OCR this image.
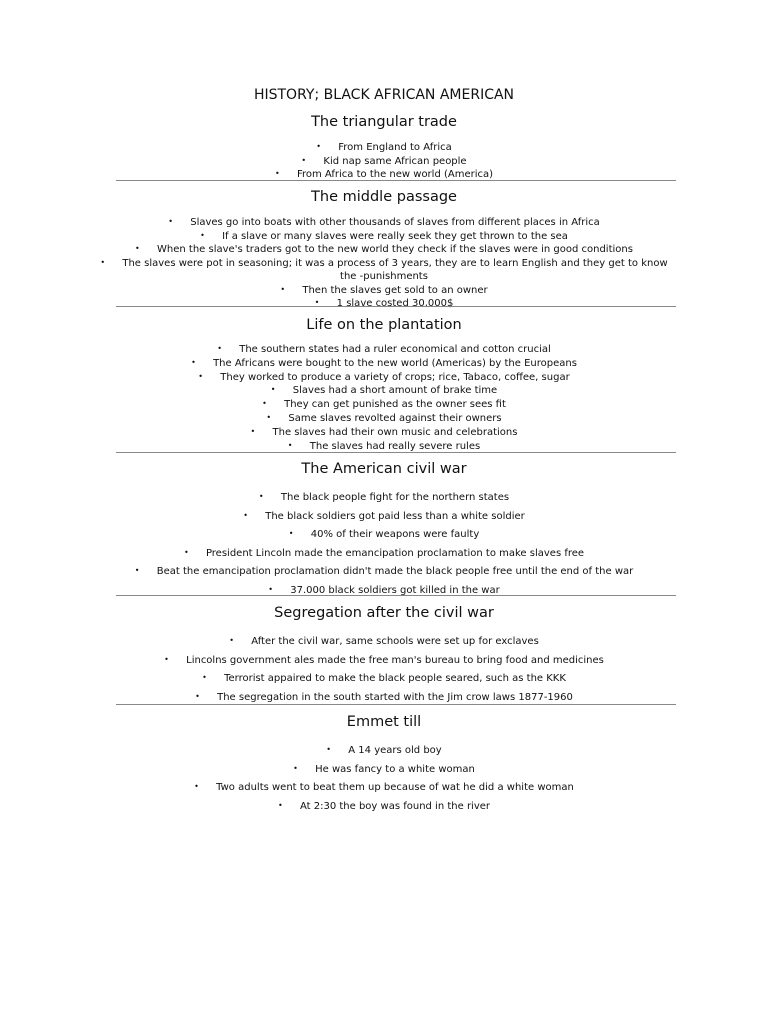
HISTORY; BLACK AFRICAN AMERICAN
The triangular trade
• From England to Africa
• Kid nap same African people
• From Africa to the new world (America)
The middle passage
• Slaves go into boats with other thousands of slaves from different places in Africa
• If a slave or many slaves were really seek they get thrown to the sea
• When the slave's traders got to the new world they check if the slaves were in good conditions
• The slaves were pot in seasoning; it was a process of 3 years, they are to learn English and they get to know the -punishments
• Then the slaves get sold to an owner
• 1 slave costed 30,000$
Life on the plantation
• The southern states had a ruler economical and cotton crucial
• The Africans were bought to the new world (Americas) by the Europeans
• They worked to produce a variety of crops; rice, Tabaco, coffee, sugar
• Slaves had a short amount of brake time
• They can get punished as the owner sees fit
• Same slaves revolted against their owners
• The slaves had their own music and celebrations
• The slaves had really severe rules
The American civil war
• The black people fight for the northern states
• The black soldiers got paid less than a white soldier
• 40% of their weapons were faulty
• President Lincoln made the emancipation proclamation to make slaves free
• Beat the emancipation proclamation didn't made the black people free until the end of the war
• 37.000 black soldiers got killed in the war
Segregation after the civil war
• After the civil war, same schools were set up for exclaves
• Lincolns government ales made the free man's bureau to bring food and medicines
• Terrorist appaired to make the black people seared, such as the KKK
• The segregation in the south started with the Jim crow laws 1877-1960
Emmet till
• A 14 years old boy
• He was fancy to a white woman
• Two adults went to beat them up because of wat he did a white woman
• At 2:30 the boy was found in the river
